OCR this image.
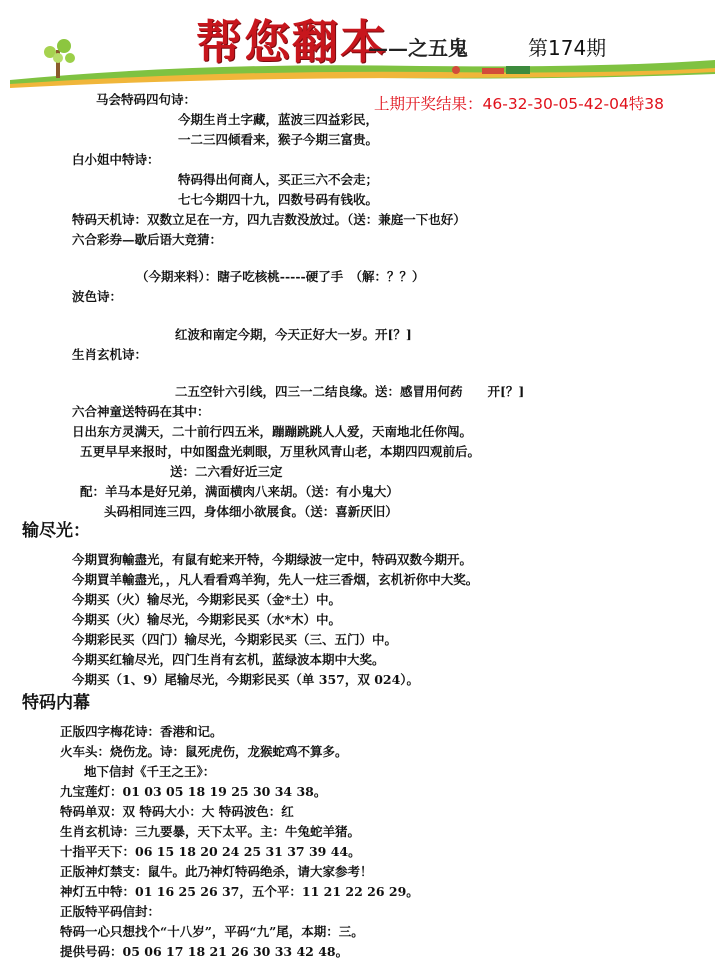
帮您翻本
——之五鬼	第174期
上期开奖结果：46-32-30-05-42-04特38
马会特码四句诗：
今期生肖土字藏，蓝波三四益彩民，
一二三四倾看来，猴子今期三富贵。
白小姐中特诗：
特码得出何商人，买正三六不会走；
七七今期四十九，四数号码有钱收。
特码天机诗：双数立足在一方，四九吉数没放过。（送：兼庭一下也好）
六合彩券—歇后语大竞猜：
（今期来料）：瞎子吃核桃-----硬了手　（解：？？）
波色诗：
红波和南定今期，今天正好大一岁。开[？]
生肖玄机诗：
二五空针六引线，四三一二结良缘。送：感冒用何药　　开[？]
六合神童送特码在其中：
日出东方灵满天，二十前行四五米，蹦蹦跳跳人人爱，天南地北任你闯。
五更早早来报时，中如图盘光刺眼，万里秋风青山老，本期四四观前后。
送：二六看好近三定
配：羊马本是好兄弟，满面横肉八来胡。（送：有小鬼大）
头码相同连三四，身体细小欲展食。（送：喜新厌旧）
今期買狗輸盡光，有鼠有蛇来开特，今期绿波一定中，特码双数今期开。
今期買羊輸盡光，，凡人看看鸡羊狗，先人一炷三香烟，玄机祈你中大奖。
今期买（火）输尽光，今期彩民买（金*土）中。
今期买（火）输尽光，今期彩民买（水*木）中。
今期彩民买（四门）输尽光，今期彩民买（三、五门）中。
今期买红输尽光，四门生肖有玄机，蓝绿波本期中大奖。
今期买（1、9）尾输尽光，今期彩民买（单 357，双 024）。
正版四字梅花诗：香港和记。
火车头：烧伤龙。诗：鼠死虎伤，龙猴蛇鸡不算多。
地下信封《千王之王》：
九宝莲灯：01 03 05 18 19 25 30 34 38。
特码单双：双 特码大小：大 特码波色：红
生肖玄机诗：三九要暴，天下太平。主：牛兔蛇羊猪。
十指平天下：06 15 18 20 24 25 31 37 39 44。
正版神灯禁支：鼠牛。此乃神灯特码绝杀，请大家参考！
神灯五中特：01 16 25 26 37，五个平：11 21 22 26 29。
正版特平码信封：
特码一心只想找个“十八岁”，平码“九”尾，本期：三。
提供号码：05 06 17 18 21 26 30 33 42 48。
输尽光：
特码内幕
